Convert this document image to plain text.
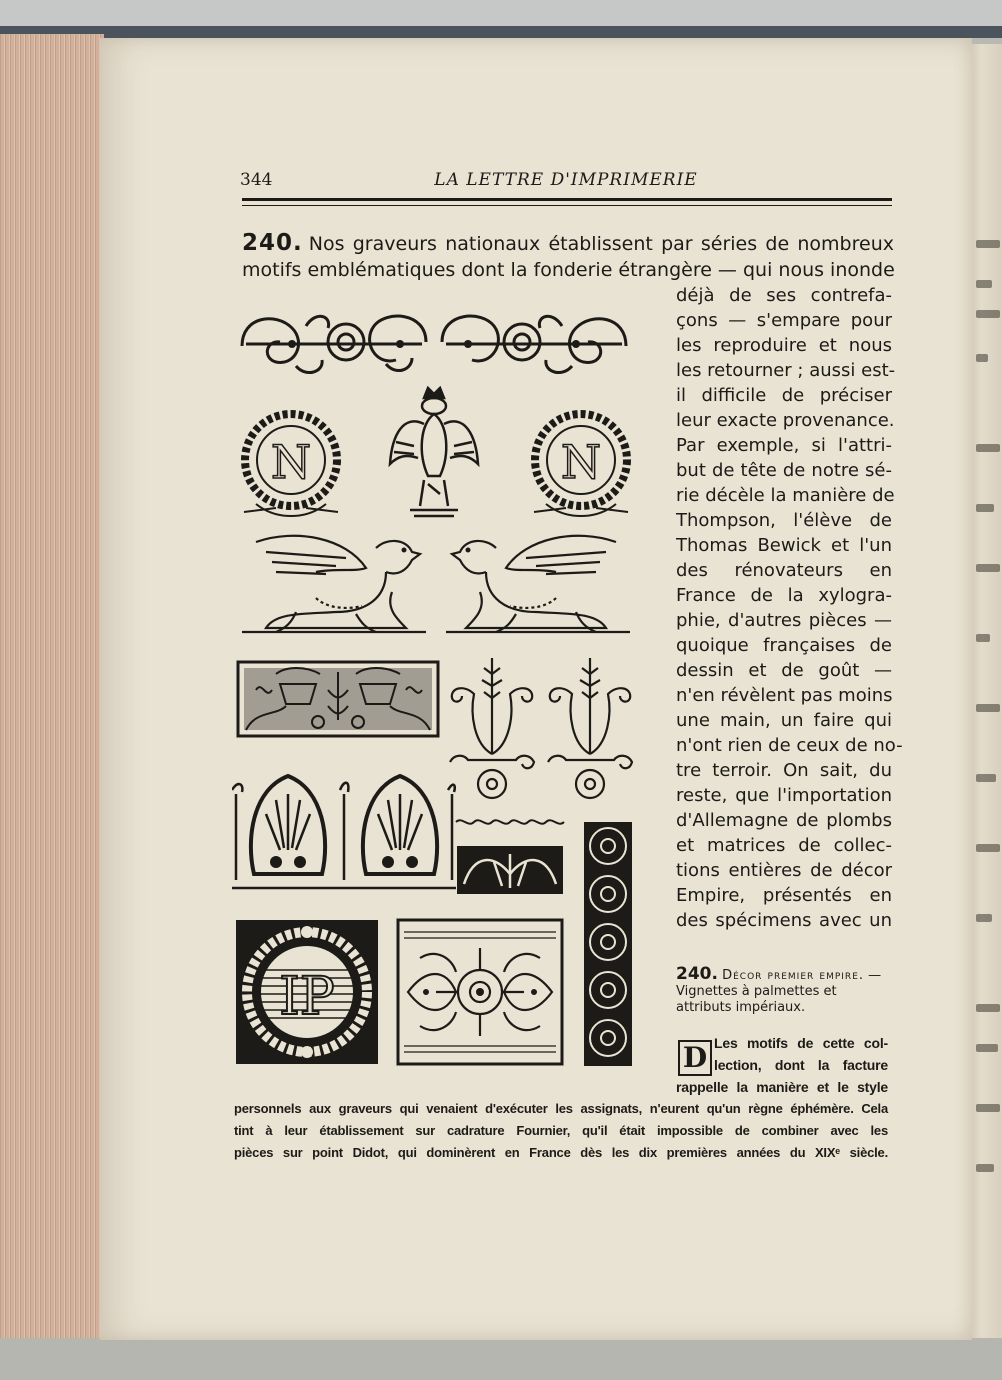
344	LA LETTRE D'IMPRIMERIE
240. Nos graveurs nationaux établissent par séries de nombreux
motifs emblématiques dont la fonderie étrangère — qui nous inonde
déjà de ses contrefa-
çons — s'empare pour
les reproduire et nous
les retourner ; aussi est-
il difficile de préciser
leur exacte provenance.
Par exemple, si l'attri-
but de tête de notre sé-
rie décèle la manière de
Thompson, l'élève de
Thomas Bewick et l'un
des rénovateurs en
France de la xylogra-
phie, d'autres pièces —
quoique françaises de
dessin et de goût —
n'en révèlent pas moins
une main, un faire qui
n'ont rien de ceux de no-
tre terroir. On sait, du
reste, que l'importation
d'Allemagne de plombs
et matrices de collec-
tions entières de décor
Empire, présentés en
des spécimens avec un
N	N
IP	240. Décor premier empire. — Vignettes à palmettes et attributs impériaux.
D Les motifs de cette col-
lection, dont la facture
rappelle la manière et le style
personnels aux graveurs qui venaient d'exécuter les assignats, n'eurent qu'un règne éphémère. Cela
tint à leur établissement sur cadrature Fournier, qu'il était impossible de combiner avec les
pièces sur point Didot, qui dominèrent en France dès les dix premières années du XIXᵉ siècle.
